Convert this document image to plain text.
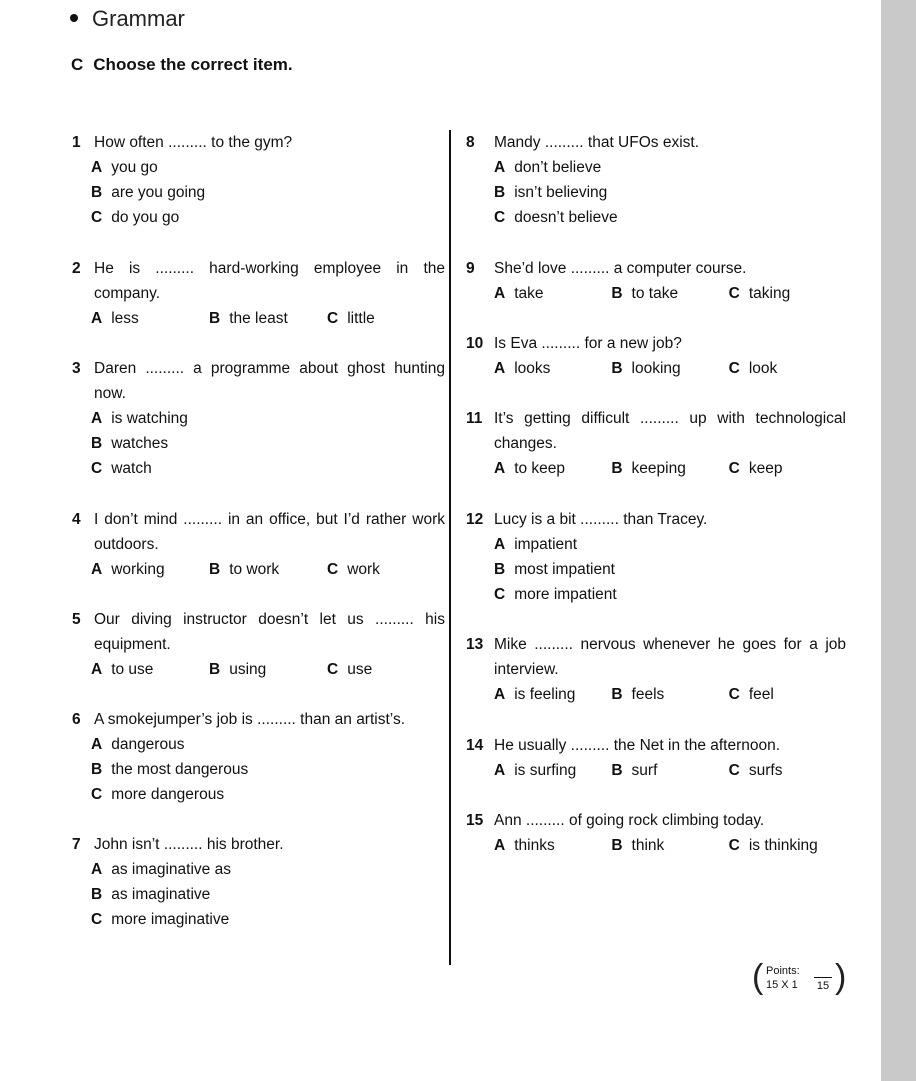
Grammar
C Choose the correct item.
1 How often ......... to the gym?
A you go
B are you going
C do you go
2 He is ......... hard-working employee in the company.
A less	B the least	C little
3 Daren ......... a programme about ghost hunting now.
A is watching
B watches
C watch
4 I don’t mind ......... in an office, but I’d rather work outdoors.
A working	B to work	C work
5 Our diving instructor doesn’t let us ......... his equipment.
A to use	B using	C use
6 A smokejumper’s job is ......... than an artist’s.
A dangerous
B the most dangerous
C more dangerous
7 John isn’t ......... his brother.
A as imaginative as
B as imaginative
C more imaginative
8	Mandy ......... that UFOs exist.
A don’t believe
B isn’t believing
C doesn’t believe
9	She’d love ......... a computer course.
A take	B to take	C taking
10 Is Eva ......... for a new job?
A looks	B looking	C look
11 It’s getting difficult ......... up with technological changes.
A to keep	B keeping	C keep
12 Lucy is a bit ......... than Tracey.
A impatient
B most impatient
C more impatient
13 Mike ......... nervous whenever he goes for a job interview.
A is feeling	B feels	C feel
14 He usually ......... the Net in the afternoon.
A is surfing	B surf	C surfs
15 Ann ......... of going rock climbing today.
A thinks	B think	C is thinking
( Points:
15 X 1 15 )
